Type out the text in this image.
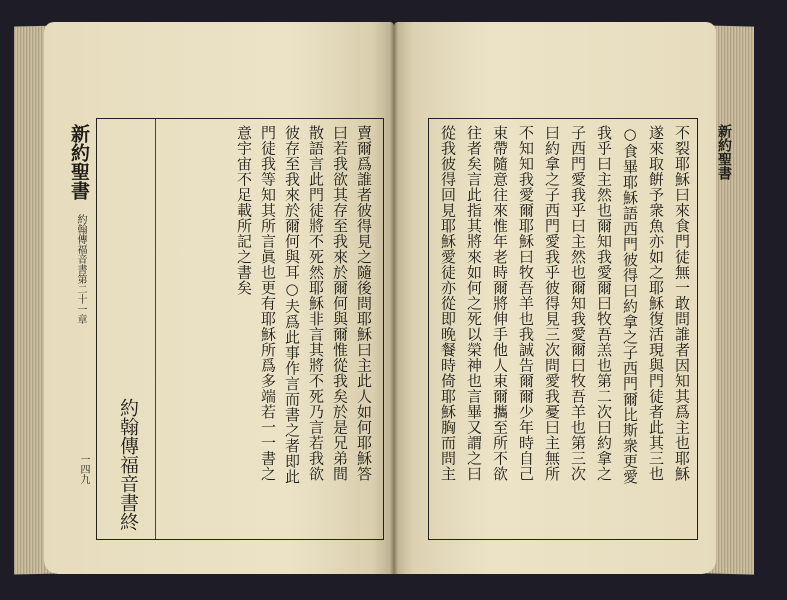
新約聖書
約翰傳福音書第二十一章
一四九	賣爾爲誰者彼得見之隨後問耶穌曰主此人如何耶穌答
曰若我欲其存至我來於爾何與爾惟從我矣於是兄弟間
散語言此門徒將不死然耶穌非言其將不死乃言若我欲
彼存至我來於爾何與耳○夫爲此事作言而書之者即此
門徒我等知其所言眞也更有耶穌所爲多端若一一書之
意宇宙不足載所記之書矣
約翰傳福音書終	不裂耶穌曰來食門徒無一敢問誰者因知其爲主也耶穌
遂來取餠予衆魚亦如之耶穌復活現與門徒者此其三也
○食畢耶穌語西門彼得曰約拿之子西門爾比斯衆更愛
我乎曰主然也爾知我愛爾曰牧吾羔也第二次曰約拿之
子西門愛我乎曰主然也爾知我愛爾曰牧吾羊也第三次
曰約拿之子西門愛我乎彼得見三次問愛我憂曰主無所
不知知我愛爾耶穌曰牧吾羊也我誠告爾爾少年時自己
束帶隨意往來惟年老時爾將伸手他人束爾攜至所不欲
往者矣言此指其將來如何之死以榮神也言畢又謂之曰
從我彼得回見耶穌愛徒亦從即晚餐時倚耶穌胸而問主	新約聖書
